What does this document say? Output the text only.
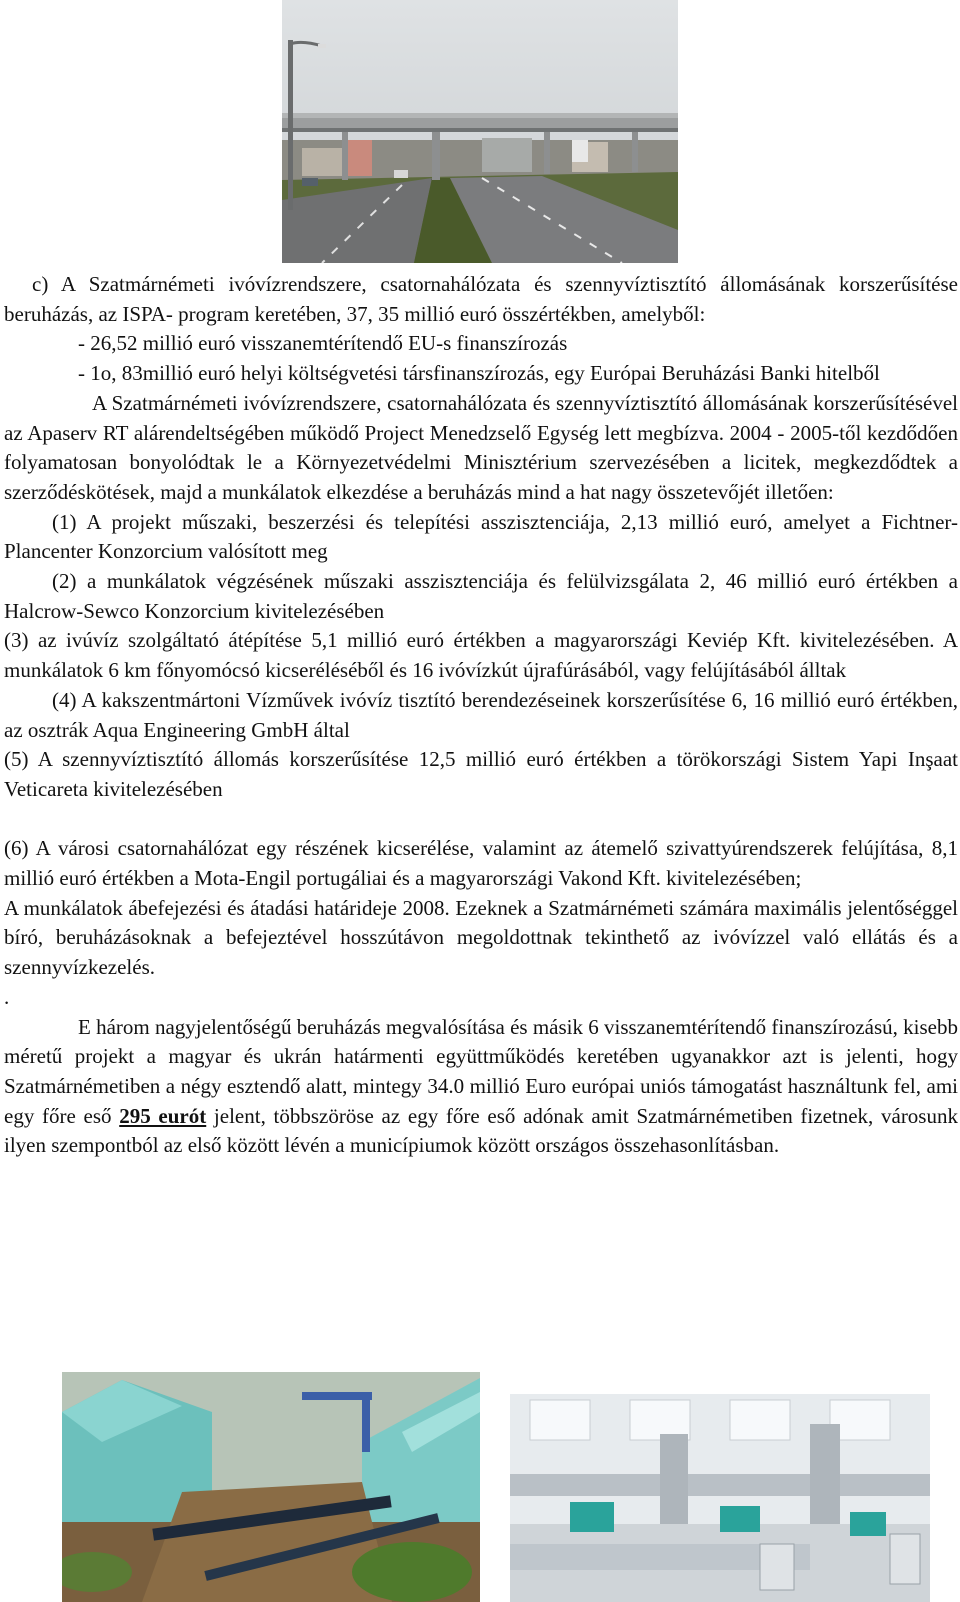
c) A Szatmárnémeti ivóvízrendszere, csatornahálózata és szennyvíztisztító állomásának korszerűsítése beruházás, az ISPA- program keretében, 37, 35 millió euró összértékben, amelyből:

- 26,52 millió euró visszanemtérítendő EU-s finanszírozás

- 1o, 83millió euró helyi költségvetési társfinanszírozás, egy Európai Beruházási Banki hitelből

A Szatmárnémeti ivóvízrendszere, csatornahálózata és szennyvíztisztító állomásának korszerűsítésével az Apaserv RT alárendeltségében működő Project Menedzselő Egység lett megbízva. 2004 - 2005-től kezdődően folyamatosan bonyolódtak le a Környezetvédelmi Minisztérium szervezésében a licitek, megkezdődtek a szerződéskötések, majd a munkálatok elkezdése a beruházás mind a hat nagy összetevőjét illetően:

(1) A projekt műszaki, beszerzési és telepítési asszisztenciája, 2,13 millió euró, amelyet a Fichtner-Plancenter Konzorcium valósított meg

(2) a munkálatok végzésének műszaki asszisztenciája és felülvizsgálata 2, 46 millió euró értékben a Halcrow-Sewco Konzorcium kivitelezésében

(3) az ivúvíz szolgáltató átépítése 5,1 millió euró értékben a magyarországi Keviép Kft. kivitelezésében. A munkálatok 6 km főnyomócsó kicseréléséből és 16 ivóvízkút újrafúrásából, vagy felújításából álltak

(4) A kakszentmártoni Vízművek ivóvíz tisztító berendezéseinek korszerűsítése 6, 16 millió euró értékben, az osztrák Aqua Engineering GmbH által

(5) A szennyvíztisztító állomás korszerűsítése 12,5 millió euró értékben a törökországi Sistem Yapi Inşaat Veticareta kivitelezésében

(6) A városi csatornahálózat egy részének kicserélése, valamint az átemelő szivattyúrendszerek felújítása, 8,1 millió euró értékben a Mota-Engil portugáliai és a magyarországi Vakond Kft. kivitelezésében;

A munkálatok ábefejezési és átadási határideje 2008. Ezeknek a Szatmárnémeti számára maximális jelentőséggel bíró, beruházásoknak a befejeztével hosszútávon megoldottnak tekinthető az ivóvízzel való ellátás és a szennyvízkezelés.

.

E három nagyjelentőségű beruházás megvalósítása és másik 6 visszanemtérítendő finanszírozású, kisebb méretű projekt a magyar és ukrán határmenti együttműködés keretében ugyanakkor azt is jelenti, hogy Szatmárnémetiben a négy esztendő alatt, mintegy 34.0 millió Euro európai uniós támogatást használtunk fel, ami egy főre eső 295 eurót jelent, többszöröse az egy főre eső adónak amit Szatmárnémetiben fizetnek, városunk ilyen szempontból az első között lévén a municípiumok között országos összehasonlításban.
